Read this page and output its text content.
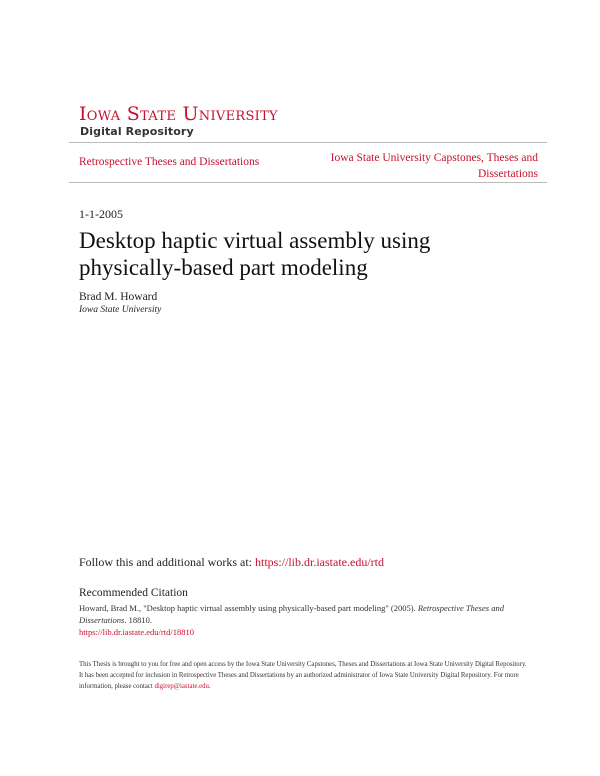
Iowa State University
Digital Repository
Retrospective Theses and Dissertations	Iowa State University Capstones, Theses and Dissertations
1-1-2005
Desktop haptic virtual assembly using physically-based part modeling
Brad M. Howard
Iowa State University
Follow this and additional works at: https://lib.dr.iastate.edu/rtd
Recommended Citation
Howard, Brad M., "Desktop haptic virtual assembly using physically-based part modeling" (2005). Retrospective Theses and Dissertations. 18810.
https://lib.dr.iastate.edu/rtd/18810
This Thesis is brought to you for free and open access by the Iowa State University Capstones, Theses and Dissertations at Iowa State University Digital Repository. It has been accepted for inclusion in Retrospective Theses and Dissertations by an authorized administrator of Iowa State University Digital Repository. For more information, please contact digirep@iastate.edu.
